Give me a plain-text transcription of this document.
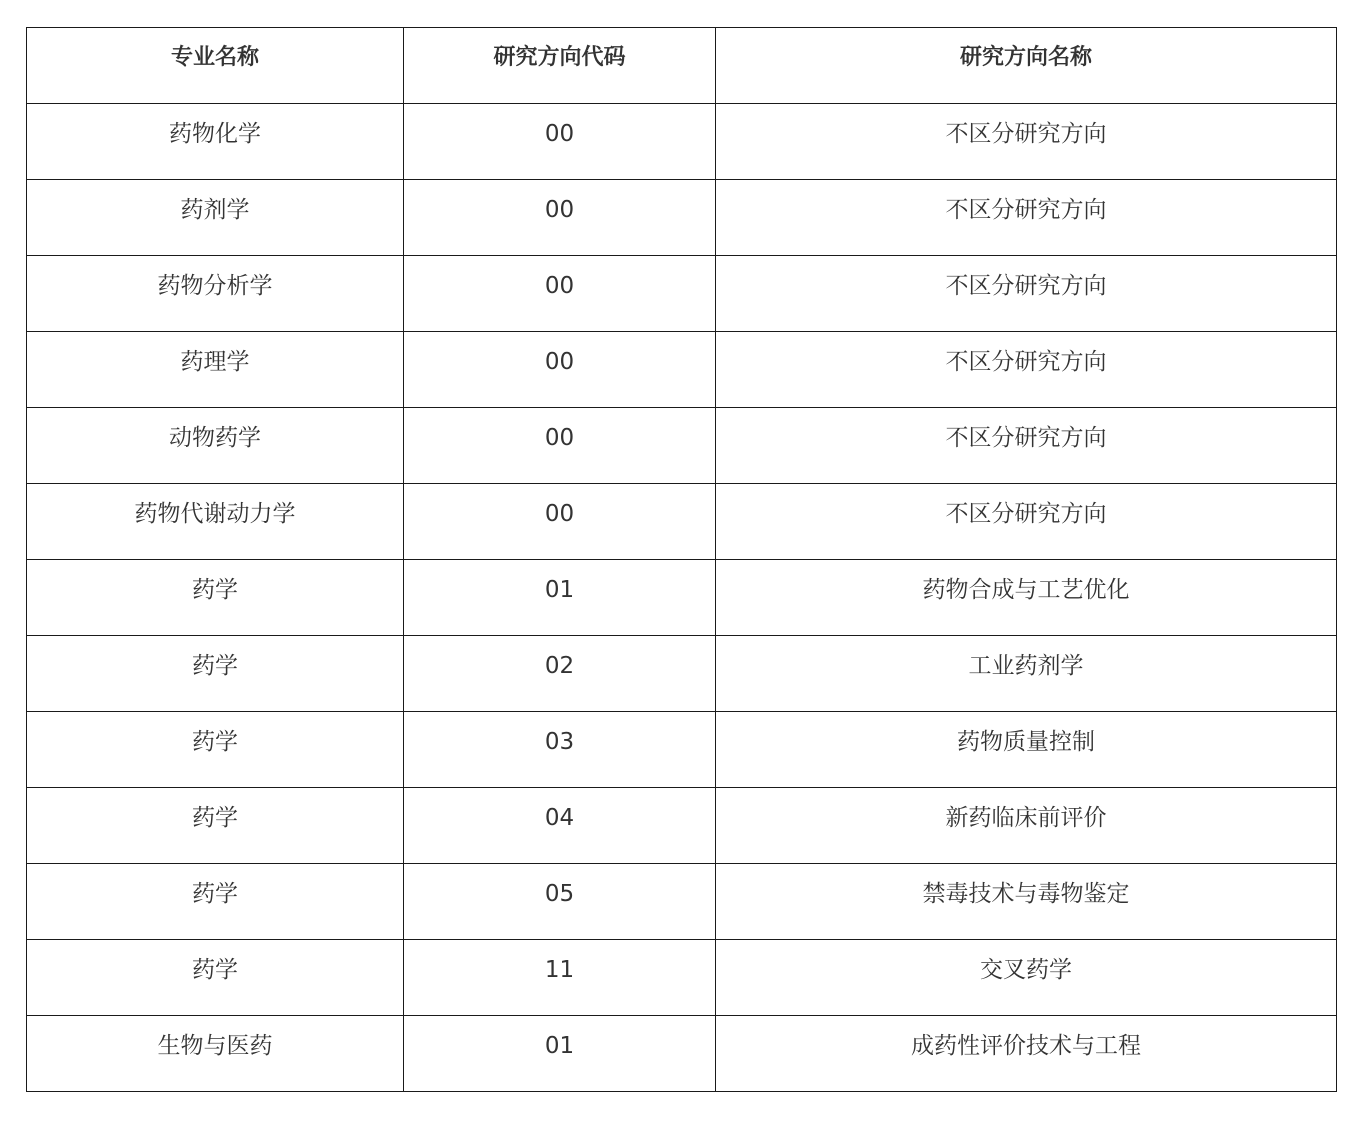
专业名称	研究方向代码	研究方向名称
药物化学	00	不区分研究方向
药剂学	00	不区分研究方向
药物分析学	00	不区分研究方向
药理学	00	不区分研究方向
动物药学	00	不区分研究方向
药物代谢动力学	00	不区分研究方向
药学	01	药物合成与工艺优化
药学	02	工业药剂学
药学	03	药物质量控制
药学	04	新药临床前评价
药学	05	禁毒技术与毒物鉴定
药学	11	交叉药学
生物与医药	01	成药性评价技术与工程
